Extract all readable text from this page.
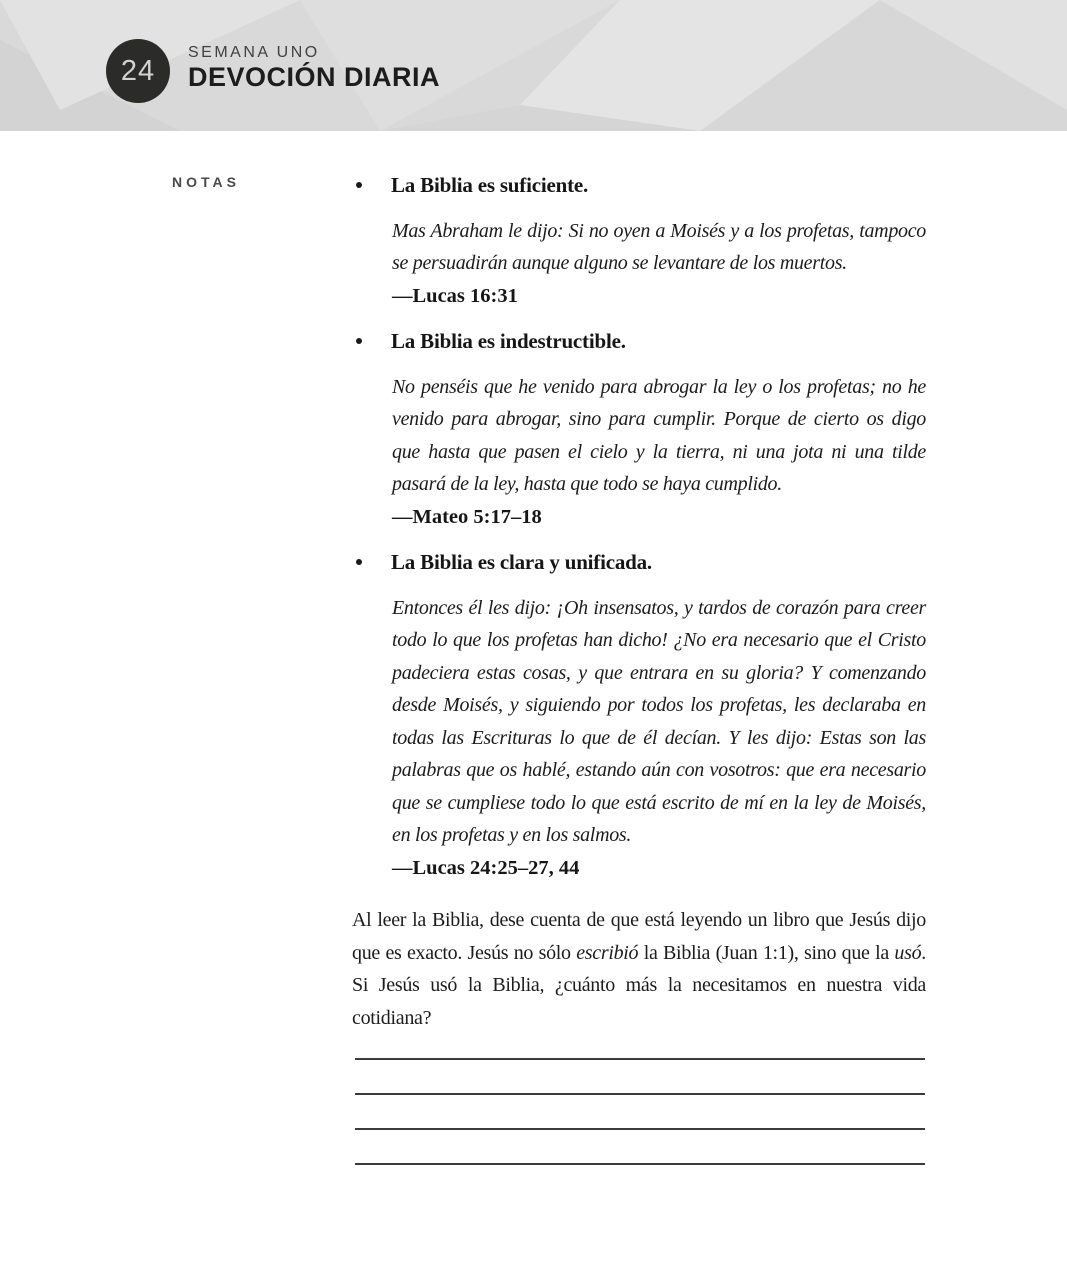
24
SEMANA UNO
DEVOCIÓN DIARIA
NOTAS	La Biblia es suficiente.
Mas Abraham le dijo: Si no oyen a Moisés y a los profetas, tampoco se persuadirán aunque alguno se levantare de los muertos.
—Lucas 16:31
La Biblia es indestructible.
No penséis que he venido para abrogar la ley o los profetas; no he venido para abrogar, sino para cumplir. Porque de cierto os digo que hasta que pasen el cielo y la tierra, ni una jota ni una tilde pasará de la ley, hasta que todo se haya cumplido.
—Mateo 5:17–18
La Biblia es clara y unificada.
Entonces él les dijo: ¡Oh insensatos, y tardos de corazón para creer todo lo que los profetas han dicho! ¿No era necesario que el Cristo padeciera estas cosas, y que entrara en su gloria? Y comenzando desde Moisés, y siguiendo por todos los profetas, les declaraba en todas las Escrituras lo que de él decían. Y les dijo: Estas son las palabras que os hablé, estando aún con vosotros: que era necesario que se cumpliese todo lo que está escrito de mí en la ley de Moisés, en los profetas y en los salmos.
—Lucas 24:25–27, 44

Al leer la Biblia, dese cuenta de que está leyendo un libro que Jesús dijo que es exacto. Jesús no sólo escribió la Biblia (Juan 1:1), sino que la usó. Si Jesús usó la Biblia, ¿cuánto más la necesitamos en nuestra vida cotidiana?
